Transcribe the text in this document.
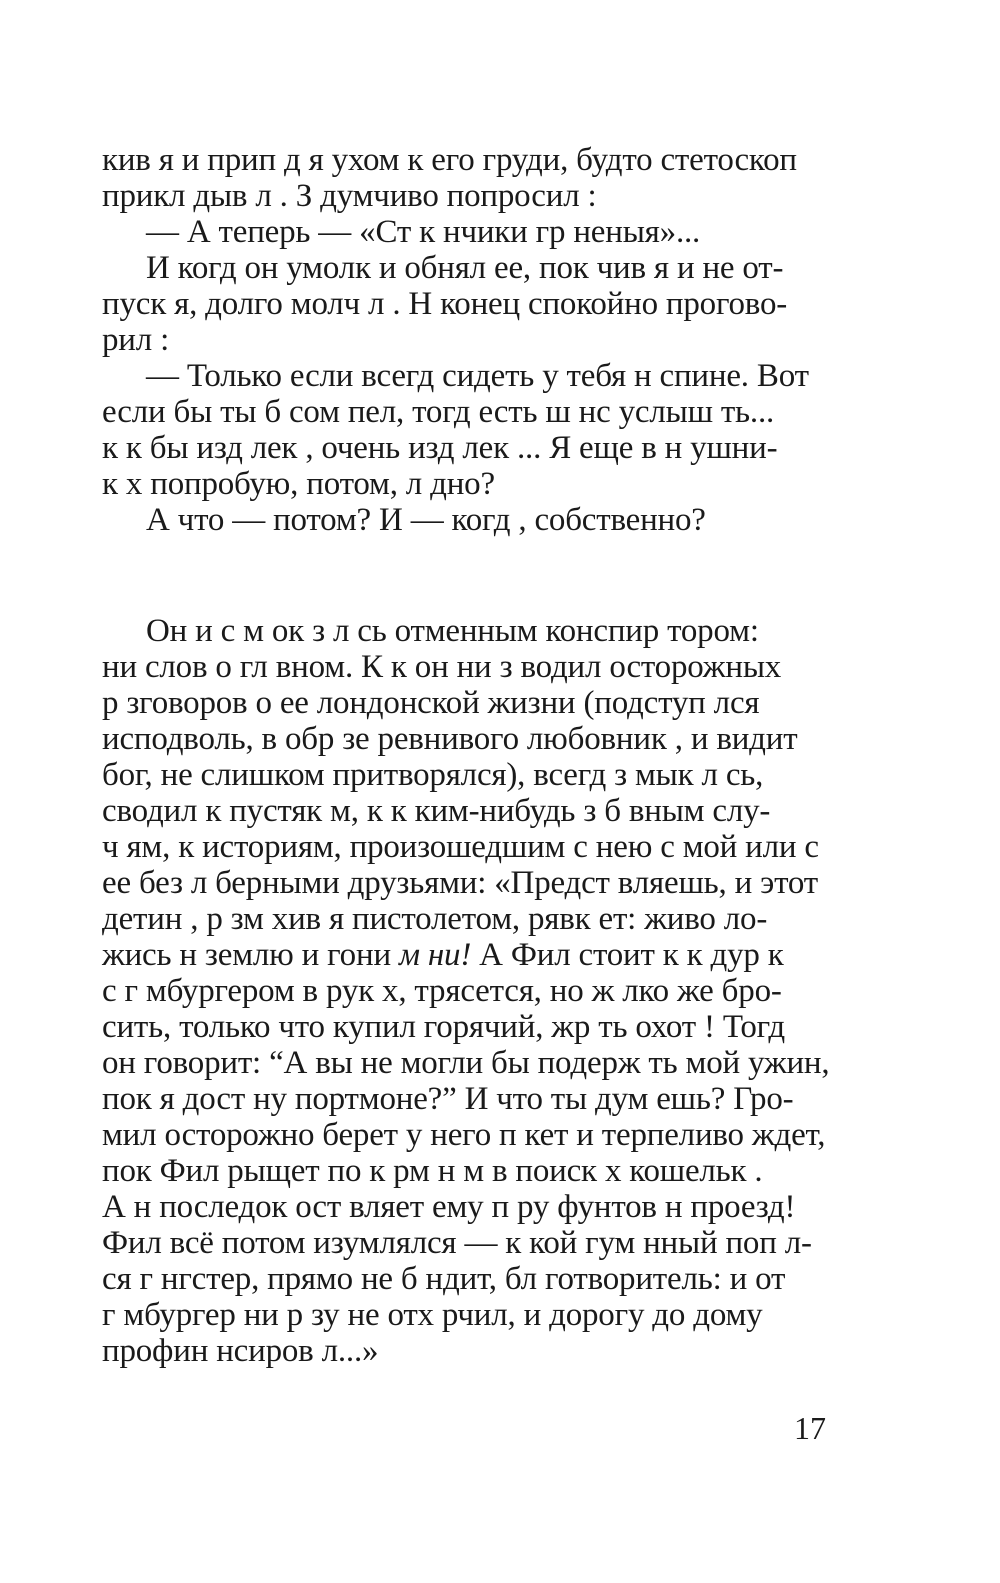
кив я и прип д я ухом к его груди, будто стетоскоп
прикл дыв л . З думчиво попросил :
— А теперь — «Ст к нчики гр неныя»...
И когд он умолк и обнял ее, пок чив я и не от-
пуск я, долго молч л . Н конец спокойно прогово-
рил :
— Только если всегд сидеть у тебя н спине. Вот
если бы ты б сом пел, тогд есть ш нс услыш ть...
к к бы изд лек , очень изд лек ... Я еще в н ушни-
к х попробую, потом, л дно?
А что — потом? И — когд , собственно?
Он и с м ок з л сь отменным конспир тором:
ни слов о гл вном. К к он ни з водил осторожных
р зговоров о ее лондонской жизни (подступ лся
исподволь, в обр зе ревнивого любовник , и видит
бог, не слишком притворялся), всегд з мык л сь,
сводил к пустяк м, к к ким-нибудь з б вным слу-
ч ям, к историям, произошедшим с нею с мой или с
ее без л берными друзьями: «Предст вляешь, и этот
детин , р зм хив я пистолетом, рявк ет: живо ло-
жись н землю и гони м ни! А Фил стоит к к дур к
с г мбургером в рук х, трясется, но ж лко же бро-
сить, только что купил горячий, жр ть охот ! Тогд
он говорит: “А вы не могли бы подерж ть мой ужин,
пок я дост ну портмоне?” И что ты дум ешь? Гро-
мил осторожно берет у него п кет и терпеливо ждет,
пок Фил рыщет по к рм н м в поиск х кошельк .
А н последок ост вляет ему п ру фунтов н проезд!
Фил всё потом изумлялся — к кой гум нный поп л-
ся г нгстер, прямо не б ндит, бл готворитель: и от
г мбургер ни р зу не отх рчил, и дорогу до дому
профин нсиров л...»
17
